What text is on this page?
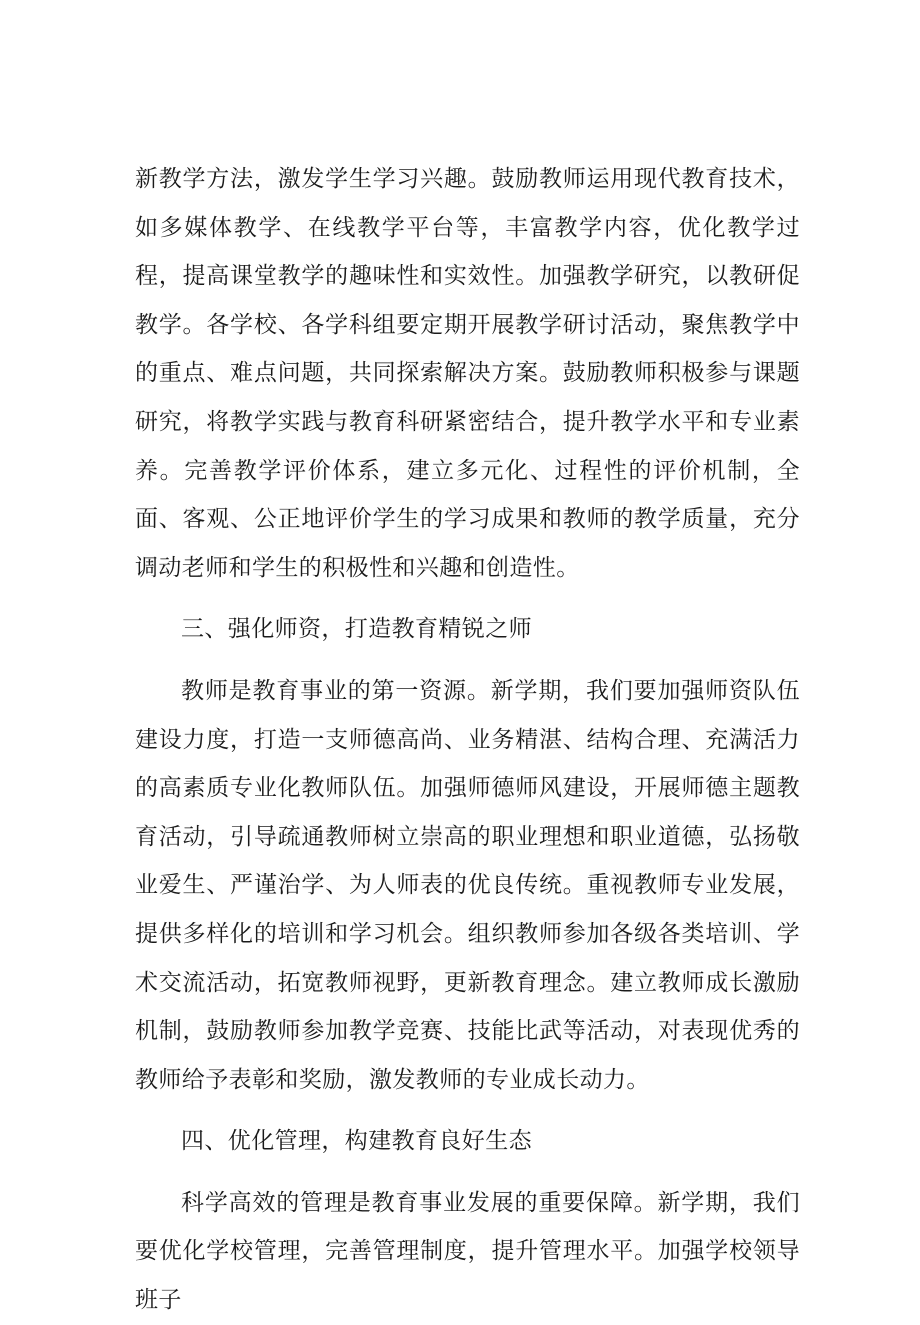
新教学方法，激发学生学习兴趣。鼓励教师运用现代教育技术，如多媒体教学、在线教学平台等，丰富教学内容，优化教学过程，提高课堂教学的趣味性和实效性。加强教学研究，以教研促教学。各学校、各学科组要定期开展教学研讨活动，聚焦教学中的重点、难点问题，共同探索解决方案。鼓励教师积极参与课题研究，将教学实践与教育科研紧密结合，提升教学水平和专业素养。完善教学评价体系，建立多元化、过程性的评价机制，全面、客观、公正地评价学生的学习成果和教师的教学质量，充分调动老师和学生的积极性和兴趣和创造性。

三、强化师资，打造教育精锐之师

教师是教育事业的第一资源。新学期，我们要加强师资队伍建设力度，打造一支师德高尚、业务精湛、结构合理、充满活力的高素质专业化教师队伍。加强师德师风建设，开展师德主题教育活动，引导疏通教师树立崇高的职业理想和职业道德，弘扬敬业爱生、严谨治学、为人师表的优良传统。重视教师专业发展，提供多样化的培训和学习机会。组织教师参加各级各类培训、学术交流活动，拓宽教师视野，更新教育理念。建立教师成长激励机制，鼓励教师参加教学竞赛、技能比武等活动，对表现优秀的教师给予表彰和奖励，激发教师的专业成长动力。

四、优化管理，构建教育良好生态

科学高效的管理是教育事业发展的重要保障。新学期，我们要优化学校管理，完善管理制度，提升管理水平。加强学校领导班子
